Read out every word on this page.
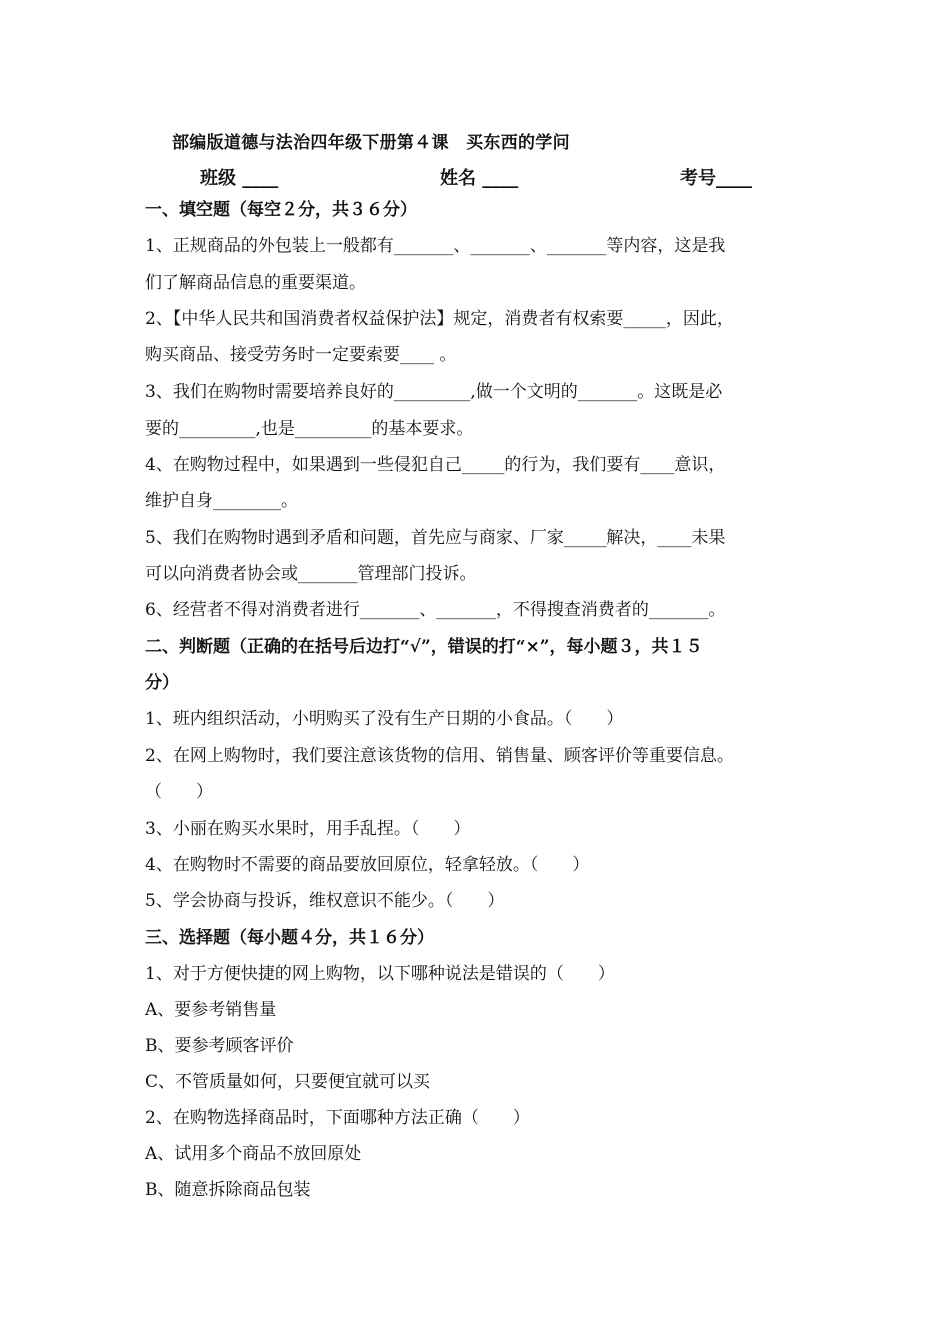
部编版道德与法治四年级下册第４课　买东西的学问
班级 ____	姓名 ____	考号____
一、填空题（每空２分，共３６分）
1、正规商品的外包装上一般都有_______、_______、_______等内容，这是我
们了解商品信息的重要渠道。
2、【中华人民共和国消费者权益保护法】规定，消费者有权索要_____，因此，
购买商品、接受劳务时一定要索要____ 。
3、我们在购物时需要培养良好的_________,做一个文明的_______。这既是必
要的_________,也是_________的基本要求。
4、在购物过程中，如果遇到一些侵犯自己_____的行为，我们要有____意识，
维护自身________。
5、我们在购物时遇到矛盾和问题，首先应与商家、厂家_____解决，____未果
可以向消费者协会或_______管理部门投诉。
6、经营者不得对消费者进行_______、_______，不得搜查消费者的_______。
二、判断题（正确的在括号后边打“√”，错误的打“×”，每小题３，共１５
分）
1、班内组织活动，小明购买了没有生产日期的小食品。（　　）
2、在网上购物时，我们要注意该货物的信用、销售量、顾客评价等重要信息。
（　　）
3、小丽在购买水果时，用手乱捏。（　　）
4、在购物时不需要的商品要放回原位，轻拿轻放。（　　）
5、学会协商与投诉，维权意识不能少。（　　）
三、选择题（每小题４分，共１６分）
1、对于方便快捷的网上购物，以下哪种说法是错误的（　　）
A、要参考销售量
B、要参考顾客评价
C、不管质量如何，只要便宜就可以买
2、在购物选择商品时，下面哪种方法正确（　　）
A、试用多个商品不放回原处
B、随意拆除商品包装
